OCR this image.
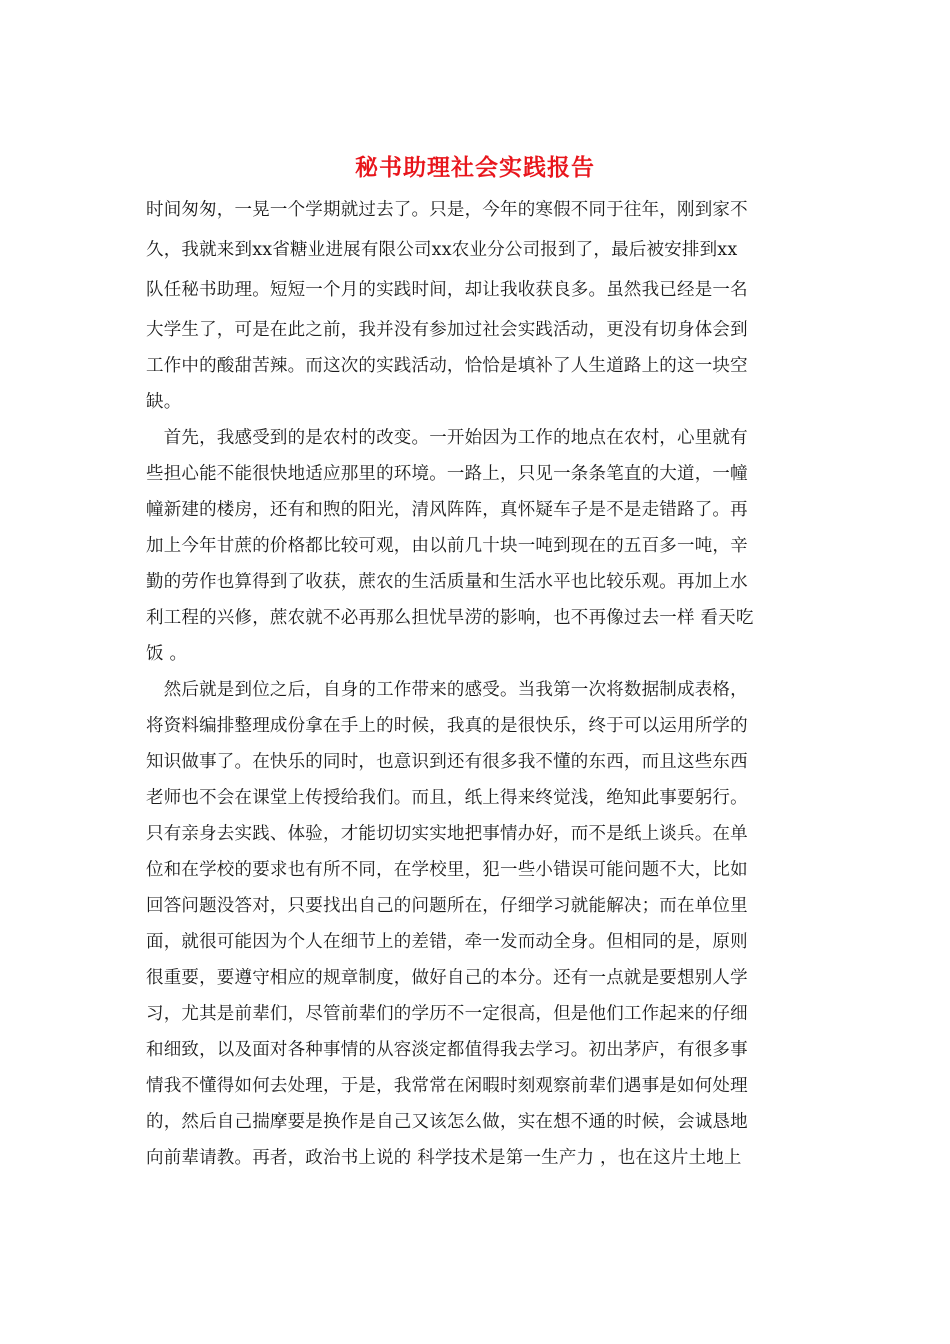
秘书助理社会实践报告
时间匆匆，一晃一个学期就过去了。只是，今年的寒假不同于往年，刚到家不
久，我就来到xx省糖业进展有限公司xx农业分公司报到了，最后被安排到xx
队任秘书助理。短短一个月的实践时间，却让我收获良多。虽然我已经是一名
大学生了，可是在此之前，我并没有参加过社会实践活动，更没有切身体会到
工作中的酸甜苦辣。而这次的实践活动，恰恰是填补了人生道路上的这一块空
缺。
　首先，我感受到的是农村的改变。一开始因为工作的地点在农村，心里就有
些担心能不能很快地适应那里的环境。一路上，只见一条条笔直的大道，一幢
幢新建的楼房，还有和煦的阳光，清风阵阵，真怀疑车子是不是走错路了。再
加上今年甘蔗的价格都比较可观，由以前几十块一吨到现在的五百多一吨，辛
勤的劳作也算得到了收获，蔗农的生活质量和生活水平也比较乐观。再加上水
利工程的兴修，蔗农就不必再那么担忧旱涝的影响，也不再像过去一样 看天吃
饭 。
　然后就是到位之后，自身的工作带来的感受。当我第一次将数据制成表格，
将资料编排整理成份拿在手上的时候，我真的是很快乐，终于可以运用所学的
知识做事了。在快乐的同时，也意识到还有很多我不懂的东西，而且这些东西
老师也不会在课堂上传授给我们。而且，纸上得来终觉浅，绝知此事要躬行。
只有亲身去实践、体验，才能切切实实地把事情办好，而不是纸上谈兵。在单
位和在学校的要求也有所不同，在学校里，犯一些小错误可能问题不大，比如
回答问题没答对，只要找出自己的问题所在，仔细学习就能解决；而在单位里
面，就很可能因为个人在细节上的差错，牵一发而动全身。但相同的是，原则
很重要，要遵守相应的规章制度，做好自己的本分。还有一点就是要想别人学
习，尤其是前辈们，尽管前辈们的学历不一定很高，但是他们工作起来的仔细
和细致，以及面对各种事情的从容淡定都值得我去学习。初出茅庐，有很多事
情我不懂得如何去处理，于是，我常常在闲暇时刻观察前辈们遇事是如何处理
的，然后自己揣摩要是换作是自己又该怎么做，实在想不通的时候，会诚恳地
向前辈请教。再者，政治书上说的 科学技术是第一生产力 ，也在这片土地上
